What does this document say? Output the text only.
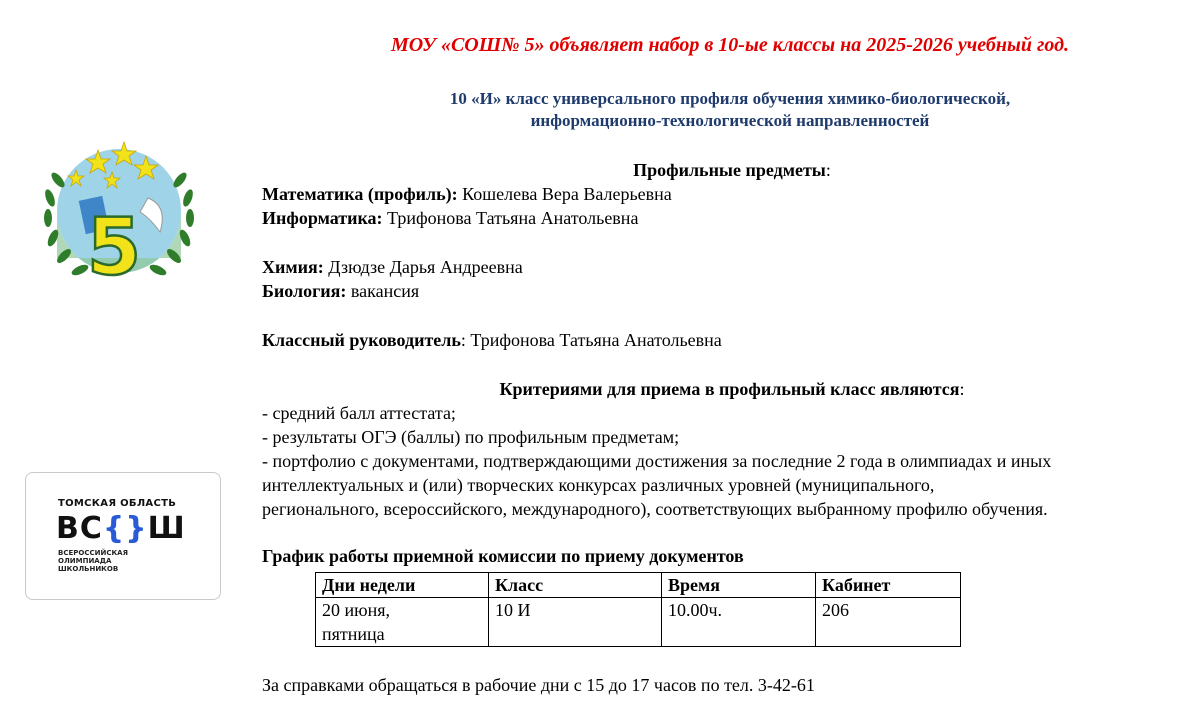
5
ТОМСКАЯ ОБЛАСТЬ
ВС{}Ш
ВСЕРОССИЙСКАЯ
ОЛИМПИАДА
ШКОЛЬНИКОВ
МОУ «СОШ№ 5» объявляет набор в 10-ые классы на 2025-2026 учебный год.
10 «И» класс универсального профиля обучения химико-биологической,
информационно-технологической направленностей
Профильные предметы:
Математика (профиль): Кошелева Вера Валерьевна
Информатика: Трифонова Татьяна Анатольевна
Химия: Дзюдзе Дарья Андреевна
Биология: вакансия
Классный руководитель: Трифонова Татьяна Анатольевна
Критериями для приема в профильный класс являются:
- средний балл аттестата;
- результаты ОГЭ (баллы) по профильным предметам;
- портфолио с документами, подтверждающими достижения за последние 2 года в олимпиадах и иных
интеллектуальных и (или) творческих конкурсах различных уровней (муниципального,
регионального, всероссийского, международного), соответствующих выбранному профилю обучения.
График работы приемной комиссии по приему документов
Дни недели	Класс	Время	Кабинет

20 июня,
пятница	10 И	10.00ч.	206
За справками обращаться в рабочие дни с 15 до 17 часов по тел. 3-42-61
